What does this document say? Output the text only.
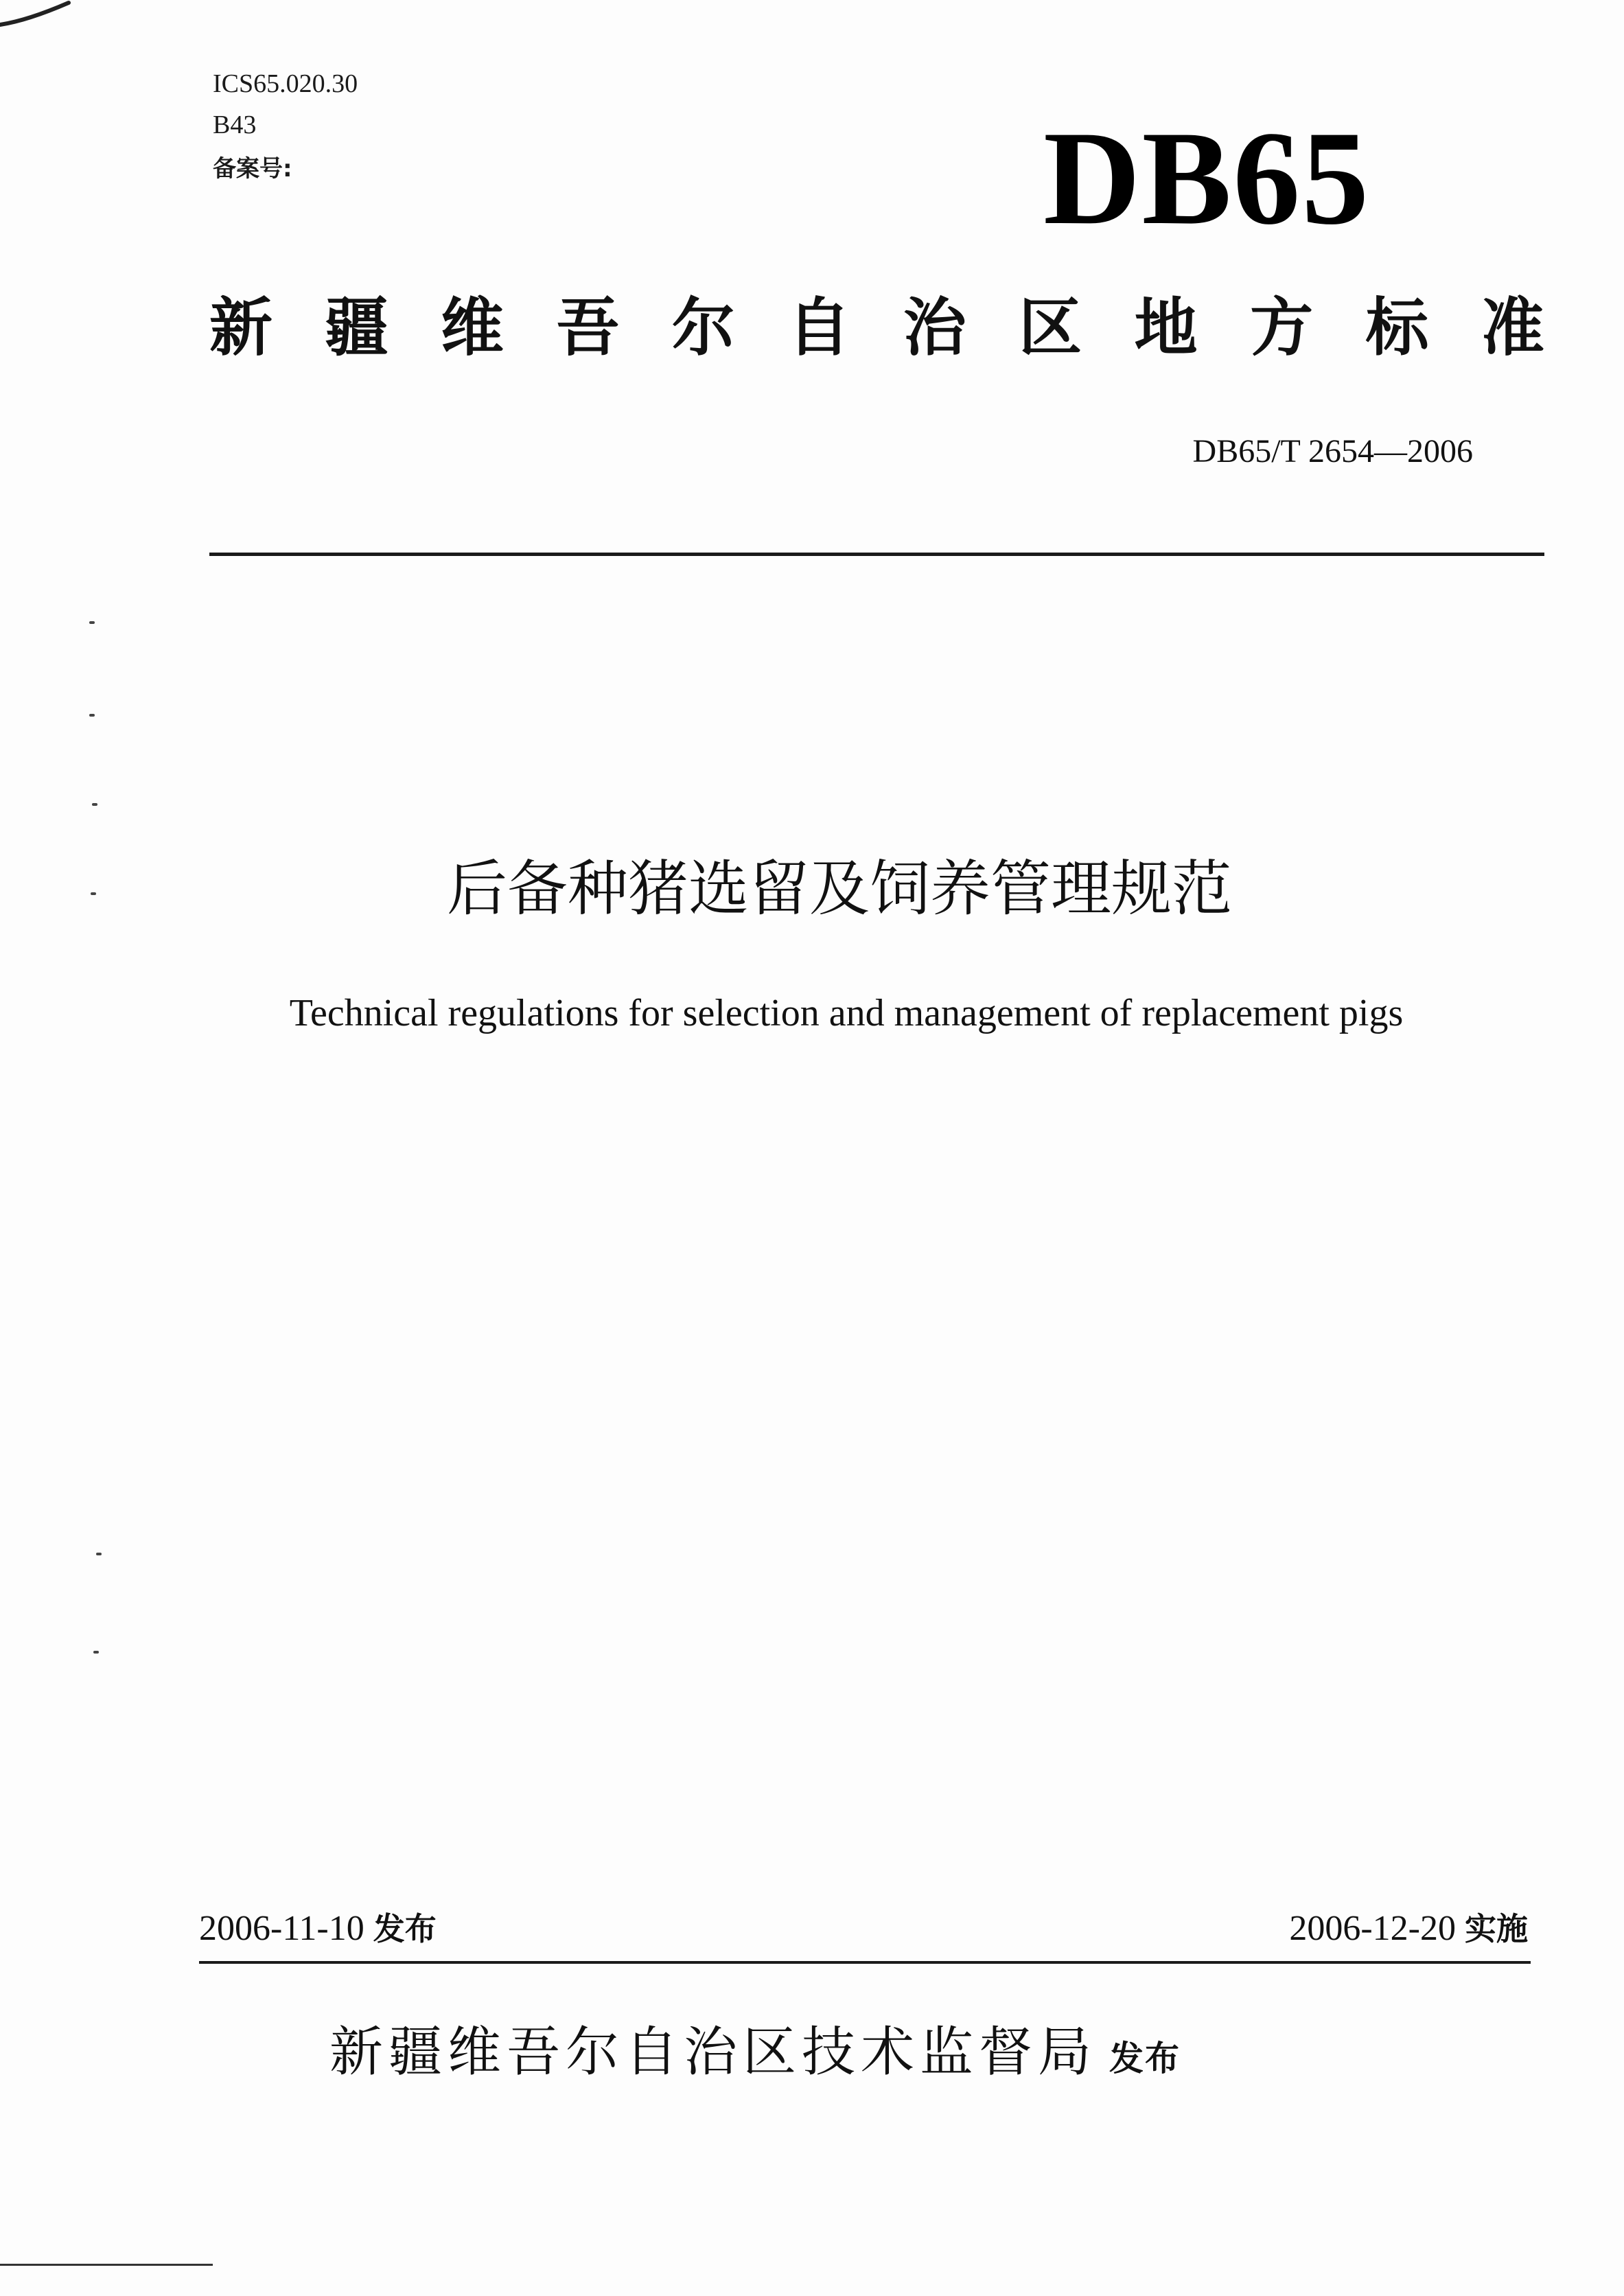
ICS65.020.30
B43
备案号:	DB65
新 疆 维 吾 尔 自 治 区 地 方 标 准
DB65/T 2654—2006
后备种猪选留及饲养管理规范
Technical regulations for selection and management of replacement pigs
2006-11-10 发布	2006-12-20 实施
新疆维吾尔自治区技术监督局 发布
